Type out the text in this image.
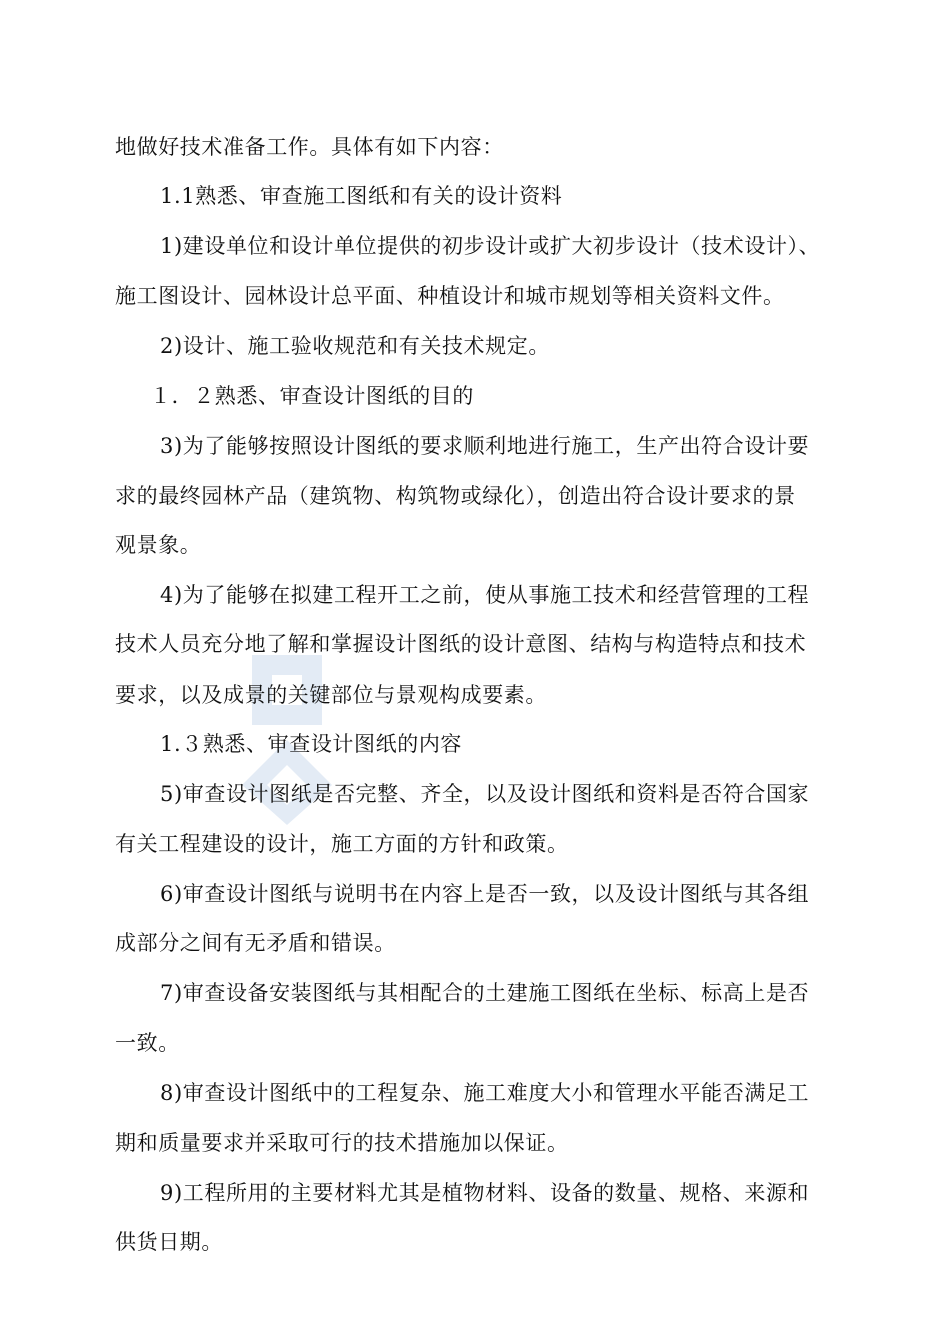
地做好技术准备工作。具体有如下内容：
1.1熟悉、审查施工图纸和有关的设计资料
1)建设单位和设计单位提供的初步设计或扩大初步设计（技术设计）、
施工图设计、园林设计总平面、种植设计和城市规划等相关资料文件。
2)设计、施工验收规范和有关技术规定。
１．２熟悉、审查设计图纸的目的
3)为了能够按照设计图纸的要求顺利地进行施工，生产出符合设计要
求的最终园林产品（建筑物、构筑物或绿化），创造出符合设计要求的景
观景象。
4)为了能够在拟建工程开工之前，使从事施工技术和经营管理的工程
技术人员充分地了解和掌握设计图纸的设计意图、结构与构造特点和技术
要求，以及成景的关键部位与景观构成要素。
1.３熟悉、审查设计图纸的内容
5)审查设计图纸是否完整、齐全，以及设计图纸和资料是否符合国家
有关工程建设的设计，施工方面的方针和政策。
6)审查设计图纸与说明书在内容上是否一致，以及设计图纸与其各组
成部分之间有无矛盾和错误。
7)审查设备安装图纸与其相配合的土建施工图纸在坐标、标高上是否
一致。
8)审查设计图纸中的工程复杂、施工难度大小和管理水平能否满足工
期和质量要求并采取可行的技术措施加以保证。
9)工程所用的主要材料尤其是植物材料、设备的数量、规格、来源和
供货日期。
